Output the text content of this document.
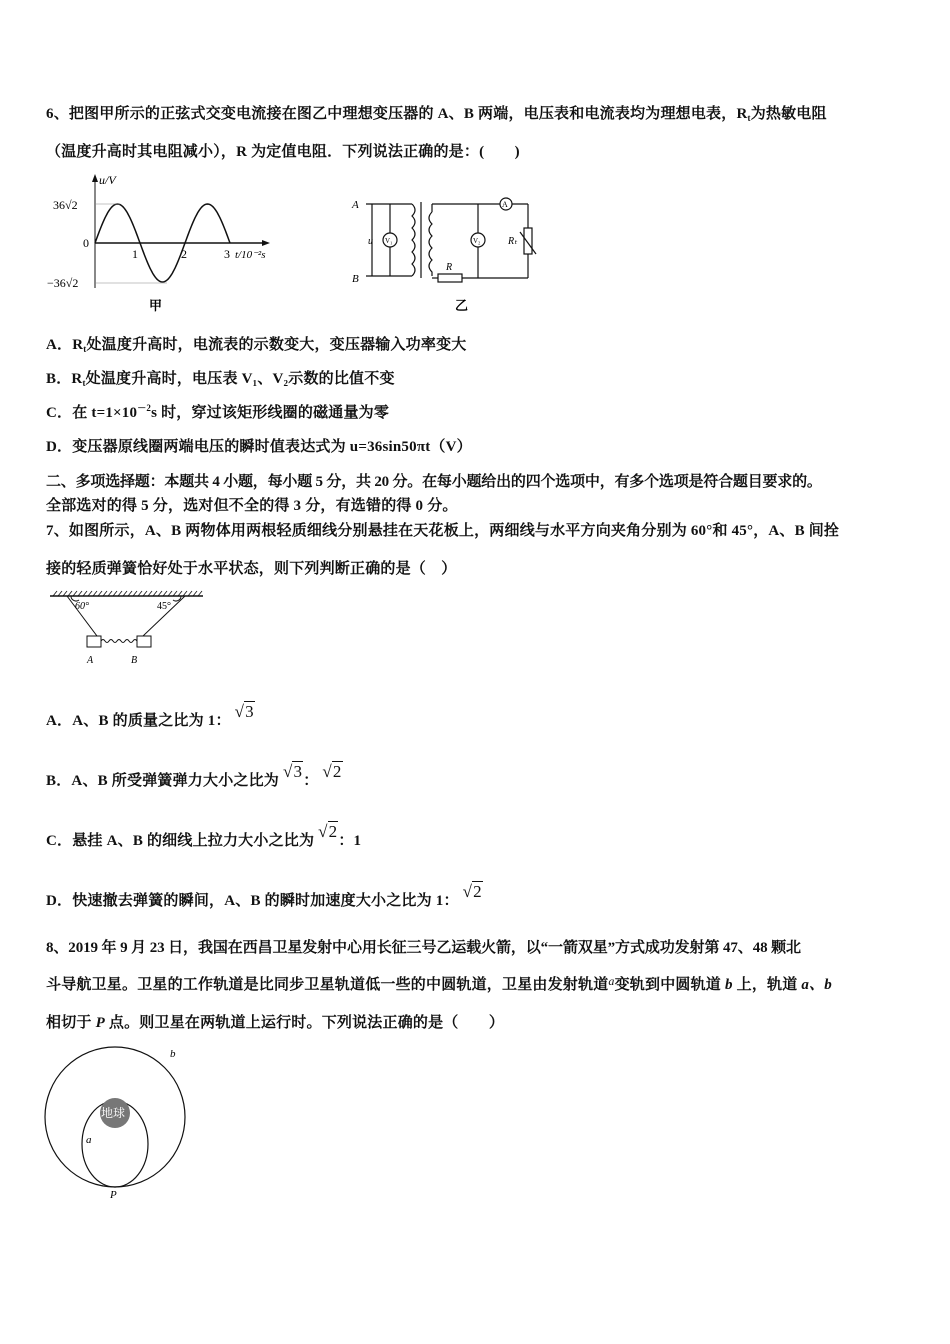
6、把图甲所示的正弦式交变电流接在图乙中理想变压器的 A、B 两端，电压表和电流表均为理想电表，$R_t$为热敏电阻
（温度升高时其电阻减小），R 为定值电阻．下列说法正确的是：(　　)
u/V
36√2
0
−36√2
1	2	3 t/10⁻²s
甲
A
B
u V₁	V₂
A
R
Rₜ
乙
A．$R_t$处温度升高时，电流表的示数变大，变压器输入功率变大
B．$R_t$处温度升高时，电压表 V₁、V₂示数的比值不变
C．在 $t=1\times 10^{-2}s$ 时，穿过该矩形线圈的磁通量为零
D．变压器原线圈两端电压的瞬时值表达式为 u=36sin50πt（V）
二、多项选择题：本题共 4 小题，每小题 5 分，共 20 分。在每小题给出的四个选项中，有多个选项是符合题目要求的。
全部选对的得 5 分，选对但不全的得 3 分，有选错的得 0 分。
7、如图所示，A、B 两物体用两根轻质细线分别悬挂在天花板上，两细线与水平方向夹角分别为 60°和 45°，A、B 间拴
接的轻质弹簧恰好处于水平状态，则下列判断正确的是（　）
60°	45°
A	B
A．A、B 的质量之比为 1： √3
B．A、B 所受弹簧弹力大小之比为 √3： √2
C．悬挂 A、B 的细线上拉力大小之比为 √2：1
D．快速撤去弹簧的瞬间，A、B 的瞬时加速度大小之比为 1： √2
8、2019 年 9 月 23 日，我国在西昌卫星发射中心用长征三号乙运载火箭，以“一箭双星”方式成功发射第 47、48 颗北
斗导航卫星。卫星的工作轨道是比同步卫星轨道低一些的中圆轨道，卫星由发射轨道$^a$变轨到中圆轨道 b 上，轨道 a、b
相切于 P 点。则卫星在两轨道上运行时。下列说法正确的是（　　）
地球
b
a
P
